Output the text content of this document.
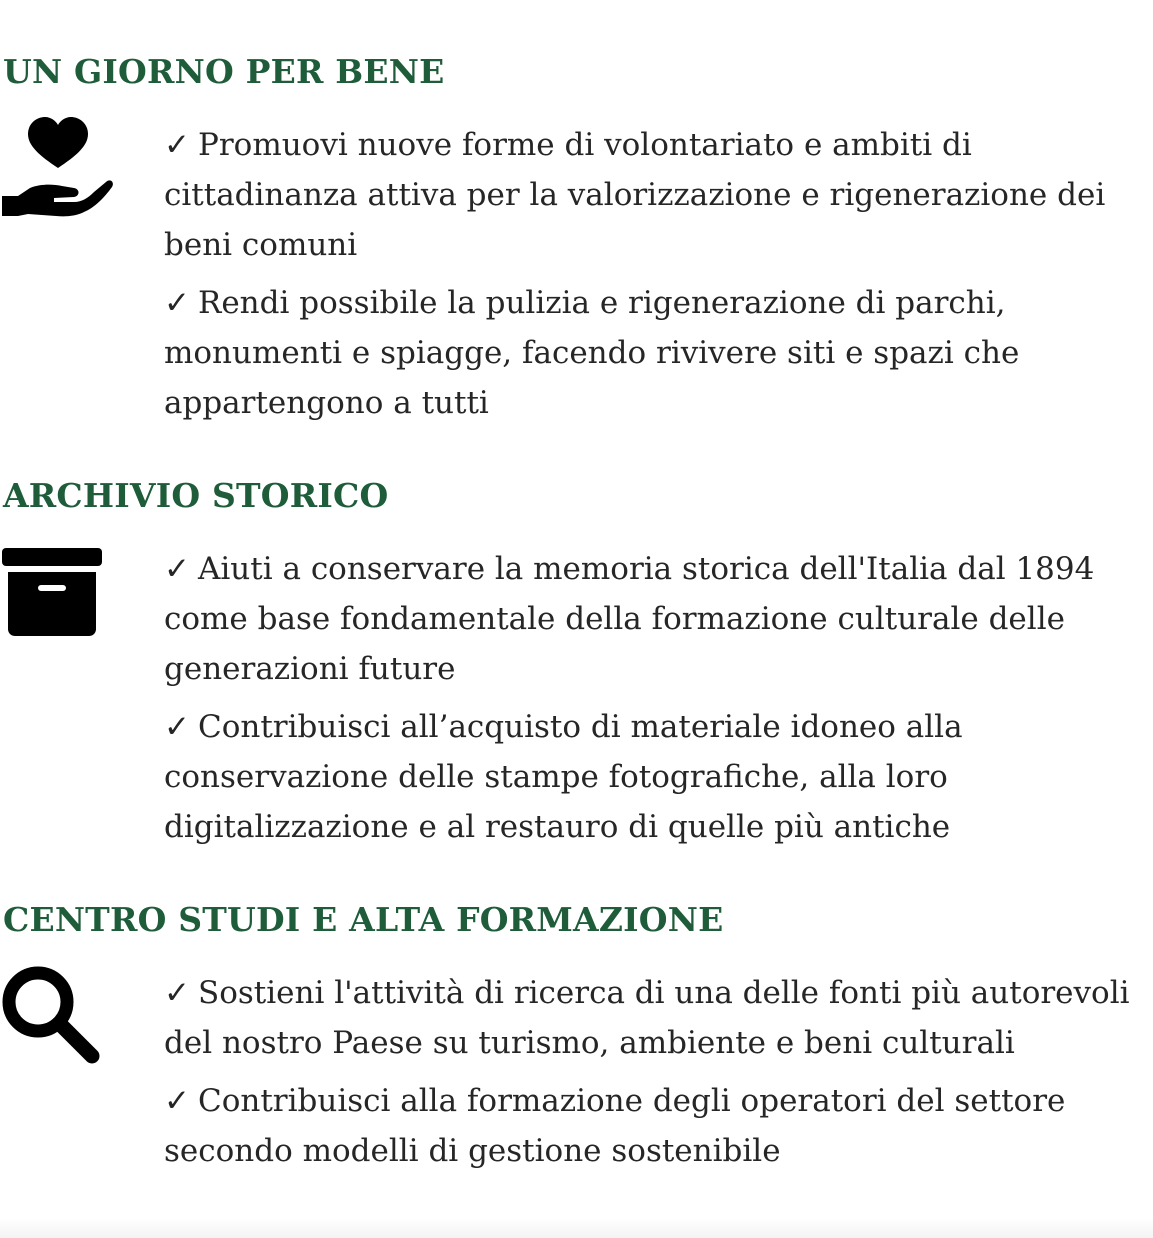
UN GIORNO PER BENE

✓ Promuovi nuove forme di volontariato e ambiti di cittadinanza attiva per la valorizzazione e rigenerazione dei beni comuni

✓ Rendi possibile la pulizia e rigenerazione di parchi, monumenti e spiagge, facendo rivivere siti e spazi che appartengono a tutti

ARCHIVIO STORICO

✓ Aiuti a conservare la memoria storica dell'Italia dal 1894 come base fondamentale della formazione culturale delle generazioni future

✓ Contribuisci all’acquisto di materiale idoneo alla conservazione delle stampe fotografiche, alla loro digitalizzazione e al restauro di quelle più antiche

CENTRO STUDI E ALTA FORMAZIONE

✓ Sostieni l'attività di ricerca di una delle fonti più autorevoli del nostro Paese su turismo, ambiente e beni culturali

✓ Contribuisci alla formazione degli operatori del settore secondo modelli di gestione sostenibile
